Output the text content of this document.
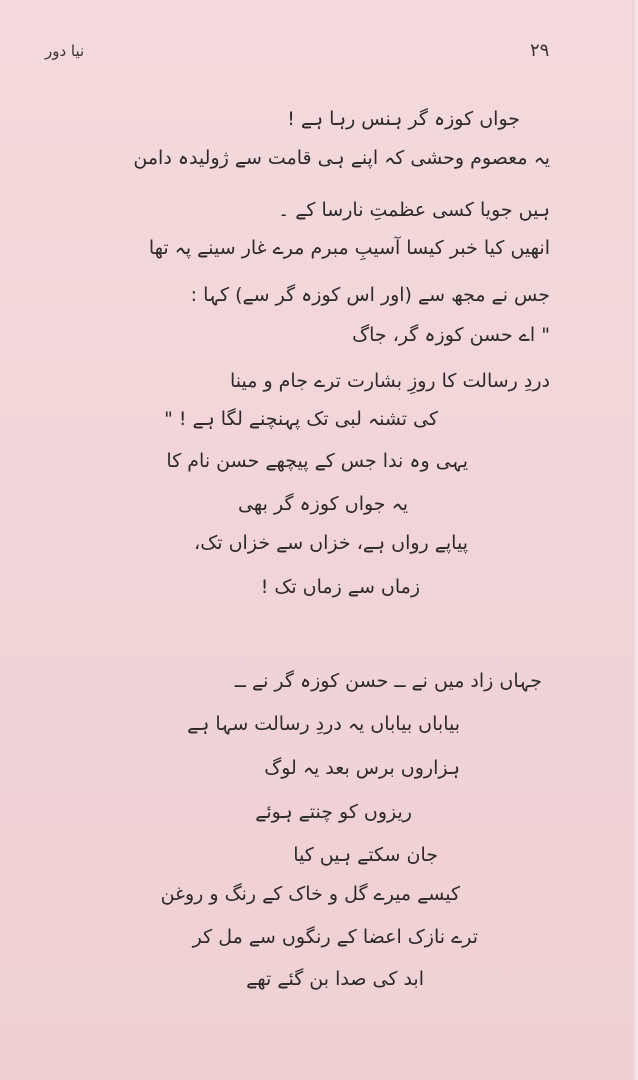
۲۹
نیا دور
جواں کوزہ گر ہنس رہا ہے !
یہ معصوم وحشی کہ اپنے ہی قامت سے ژولیدہ دامن
ہیں جویا کسی عظمتِ نارسا کے ۔
انھیں کیا خبر کیسا آسیبِ مبرم مرے غار سینے پہ تھا
جس نے مجھ سے (اور اس کوزہ گر سے) کہا :
" اے حسن کوزہ گر، جاگ
دردِ رسالت کا روزِ بشارت ترے جام و مینا
کی تشنہ لبی تک پہنچنے لگا ہے ! "
یہی وہ ندا جس کے پیچھے حسن نام کا
یہ جواں کوزہ گر بھی
پیاپے رواں ہے، خزاں سے خزاں تک،
زماں سے زماں تک !
جہاں زاد میں نے ــ حسن کوزہ گر نے ــ
بیاباں بیاباں یہ دردِ رسالت سہا ہے
ہزاروں برس بعد یہ لوگ
ریزوں کو چنتے ہوئے
جان سکتے ہیں کیا
کیسے میرے گل و خاک کے رنگ و روغن
ترے نازک اعضا کے رنگوں سے مل کر
ابد کی صدا بن گئے تھے
